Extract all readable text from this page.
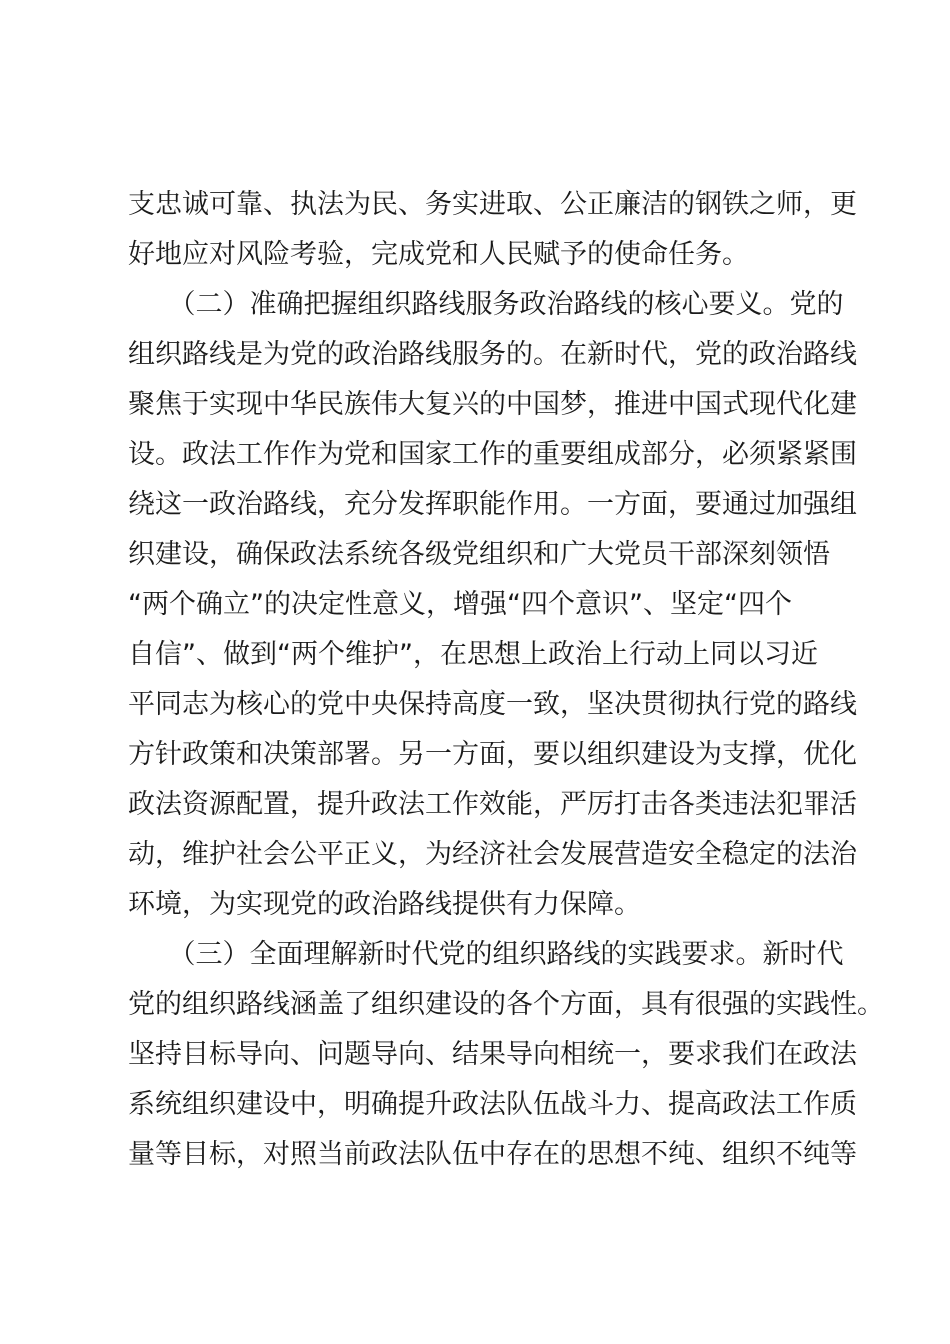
支忠诚可靠、执法为民、务实进取、公正廉洁的钢铁之师，更
好地应对风险考验，完成党和人民赋予的使命任务。
　　（二）准确把握组织路线服务政治路线的核心要义。党的
组织路线是为党的政治路线服务的。在新时代，党的政治路线
聚焦于实现中华民族伟大复兴的中国梦，推进中国式现代化建
设。政法工作作为党和国家工作的重要组成部分，必须紧紧围
绕这一政治路线，充分发挥职能作用。一方面，要通过加强组
织建设，确保政法系统各级党组织和广大党员干部深刻领悟
“两个确立”的决定性意义，增强“四个意识”、坚定“四个
自信”、做到“两个维护”，在思想上政治上行动上同以习近
平同志为核心的党中央保持高度一致，坚决贯彻执行党的路线
方针政策和决策部署。另一方面，要以组织建设为支撑，优化
政法资源配置，提升政法工作效能，严厉打击各类违法犯罪活
动，维护社会公平正义，为经济社会发展营造安全稳定的法治
环境，为实现党的政治路线提供有力保障。
　　（三）全面理解新时代党的组织路线的实践要求。新时代
党的组织路线涵盖了组织建设的各个方面，具有很强的实践性。
坚持目标导向、问题导向、结果导向相统一，要求我们在政法
系统组织建设中，明确提升政法队伍战斗力、提高政法工作质
量等目标，对照当前政法队伍中存在的思想不纯、组织不纯等
